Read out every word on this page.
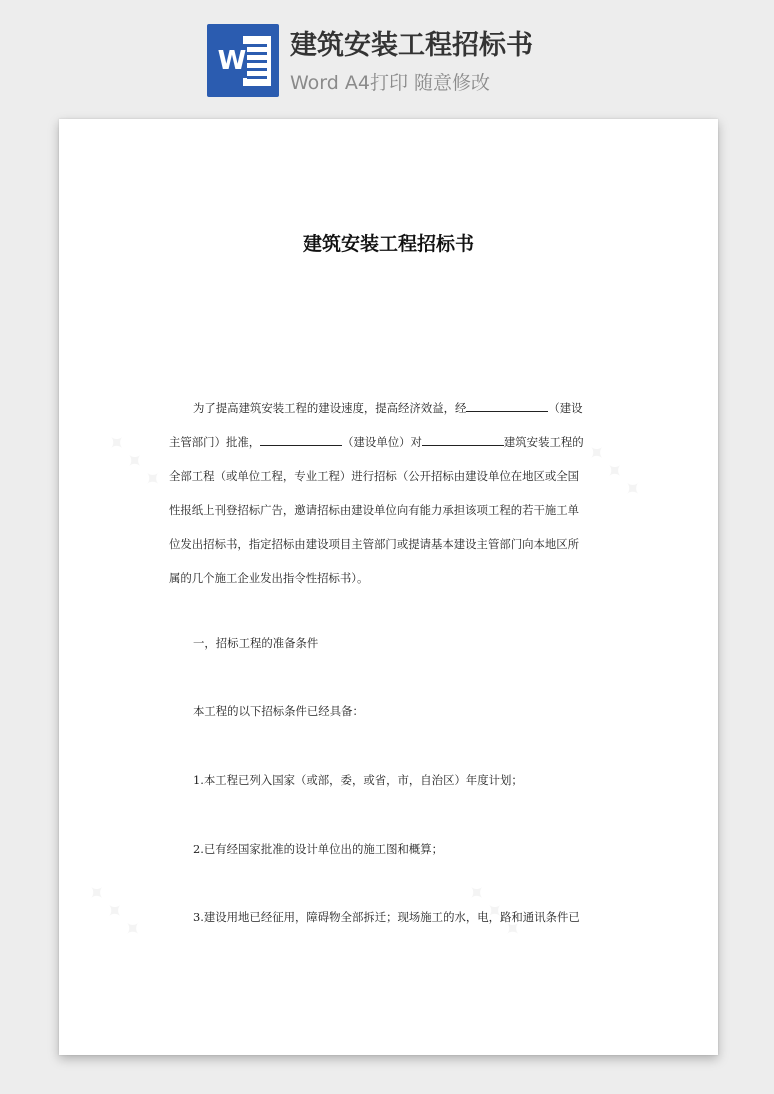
W 建筑安装工程招标书
Word A4打印 随意修改
建筑安装工程招标书
为了提高建筑安装工程的建设速度，提高经济效益，经	（建设
主管部门）批准，	（建设单位）对	建筑安装工程的
全部工程（或单位工程，专业工程）进行招标（公开招标由建设单位在地区或全国
性报纸上刊登招标广告，邀请招标由建设单位向有能力承担该项工程的若干施工单
位发出招标书，指定招标由建设项目主管部门或提请基本建设主管部门向本地区所
属的几个施工企业发出指令性招标书）。
一，招标工程的准备条件
本工程的以下招标条件已经具备：
1.本工程已列入国家（或部，委，或省，市，自治区）年度计划；
2.已有经国家批准的设计单位出的施工图和概算；
3.建设用地已经征用，障碍物全部拆迁；现场施工的水，电，路和通讯条件已
